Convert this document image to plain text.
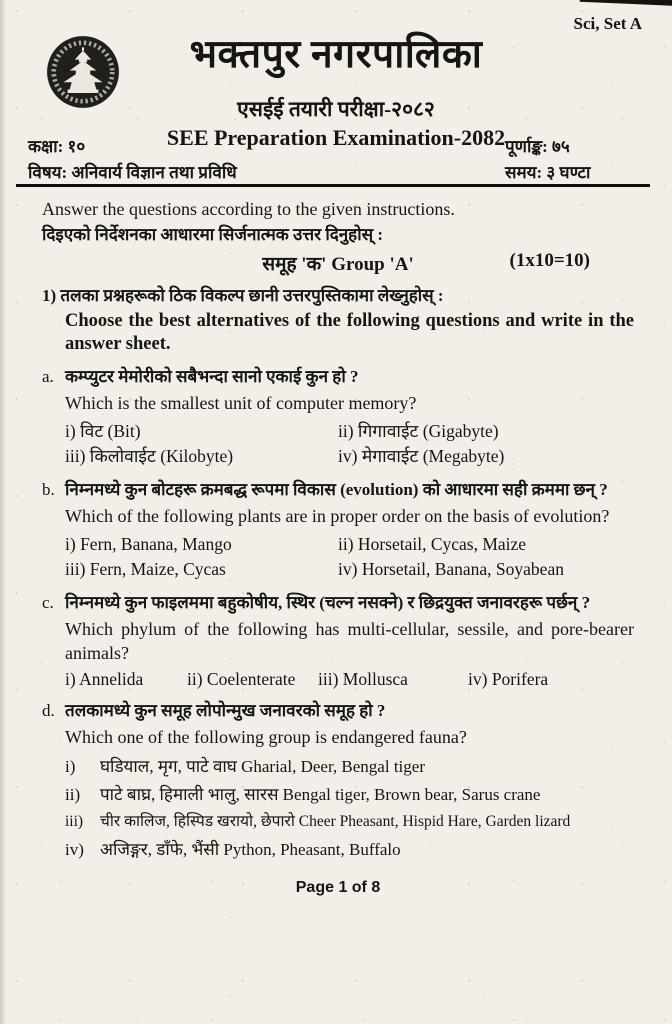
Sci, Set A
भक्तपुर नगरपालिका
एसईई तयारी परीक्षा-२०८२
SEE Preparation Examination-2082
कक्षा: १०
विषय: अनिवार्य विज्ञान तथा प्रविधि
पूर्णाङ्क: ७५
समय: ३ घण्टा
Answer the questions according to the given instructions.
दिइएको निर्देशनका आधारमा सिर्जनात्मक उत्तर दिनुहोस् :
समूह 'क' Group 'A'	(1x10=10)
1) तलका प्रश्नहरूको ठिक विकल्प छानी उत्तरपुस्तिकामा लेख्नुहोस् :
Choose the best alternatives of the following questions and write in the answer sheet.
a. कम्प्युटर मेमोरीको सबैभन्दा सानो एकाई कुन हो ?
Which is the smallest unit of computer memory?
i) विट (Bit)	ii) गिगावाईट (Gigabyte)
iii) किलोवाईट (Kilobyte)	iv) मेगावाईट (Megabyte)
b. निम्नमध्ये कुन बोटहरू क्रमबद्ध रूपमा विकास (evolution) को आधारमा सही क्रममा छन् ?
Which of the following plants are in proper order on the basis of evolution?
i) Fern, Banana, Mango	ii) Horsetail, Cycas, Maize
iii) Fern, Maize, Cycas	iv) Horsetail, Banana, Soyabean
c. निम्नमध्ये कुन फाइलममा बहुकोषीय, स्थिर (चल्न नसक्ने) र छिद्रयुक्त जनावरहरू पर्छन् ?
Which phylum of the following has multi-cellular, sessile, and pore-bearer animals?
i) Annelida	ii) Coelenterate	iii) Mollusca	iv) Porifera
d. तलकामध्ये कुन समूह लोपोन्मुख जनावरको समूह हो ?
Which one of the following group is endangered fauna?
i)	घडियाल, मृग, पाटे वाघ Gharial, Deer, Bengal tiger
ii)	पाटे बाघ्र, हिमाली भालु, सारस Bengal tiger, Brown bear, Sarus crane
iii)	चीर कालिज, हिस्पिड खरायो, छेपारो Cheer Pheasant, Hispid Hare, Garden lizard
iv) अजिङ्गर, डाँफे, भैंसी Python, Pheasant, Buffalo
Page 1 of 8
